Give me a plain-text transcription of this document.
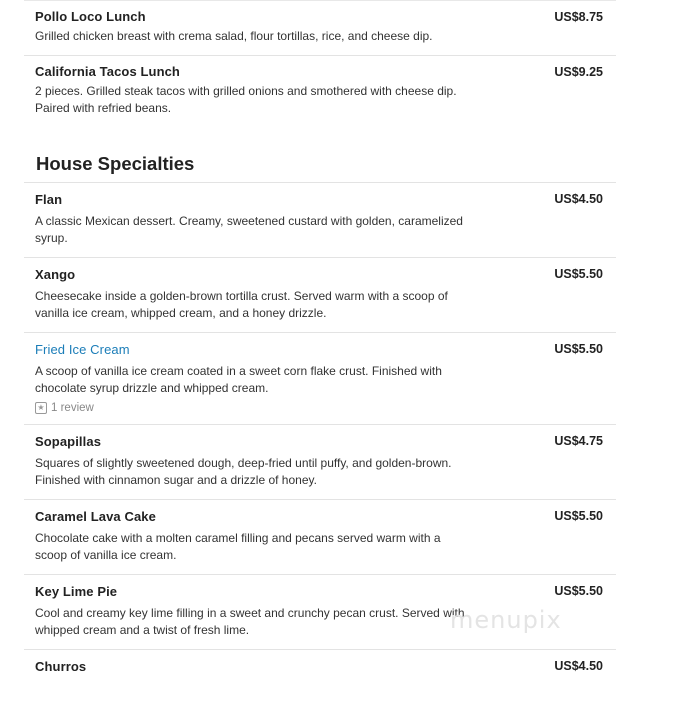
Pollo Loco Lunch	US$8.75
Grilled chicken breast with crema salad, flour tortillas, rice, and cheese dip.
California Tacos Lunch	US$9.25
2 pieces. Grilled steak tacos with grilled onions and smothered with cheese dip. Paired with refried beans.
House Specialties
Flan	US$4.50
A classic Mexican dessert. Creamy, sweetened custard with golden, caramelized syrup.
Xango	US$5.50
Cheesecake inside a golden-brown tortilla crust. Served warm with a scoop of vanilla ice cream, whipped cream, and a honey drizzle.
Fried Ice Cream	US$5.50
A scoop of vanilla ice cream coated in a sweet corn flake crust. Finished with chocolate syrup drizzle and whipped cream.
★ 1 review
Sopapillas	US$4.75
Squares of slightly sweetened dough, deep-fried until puffy, and golden-brown. Finished with cinnamon sugar and a drizzle of honey.
Caramel Lava Cake	US$5.50
Chocolate cake with a molten caramel filling and pecans served warm with a scoop of vanilla ice cream.
Key Lime Pie	US$5.50
Cool and creamy key lime filling in a sweet and crunchy pecan crust. Served with whipped cream and a twist of fresh lime.
Churros	US$4.50
menupix
